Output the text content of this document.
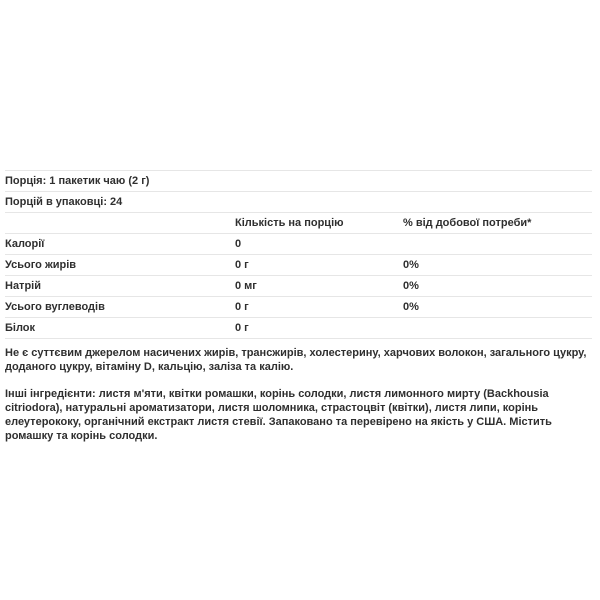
Порція: 1 пакетик чаю (2 г)		
Порцій в упаковці: 24		
	Кількість на порцію	% від добової потреби*
Калорії	0	
Усього жирів	0 г	0%
Натрій	0 мг	0%
Усього вуглеводів	0 г	0%
Білок	0 г	

Не є суттєвим джерелом насичених жирів, трансжирів, холестерину, харчових волокон, загального цукру, доданого цукру, вітаміну D, кальцію, заліза та калію.

Інші інгредієнти: листя м'яти, квітки ромашки, корінь солодки, листя лимонного мирту (Backhousia citriodora), натуральні ароматизатори, листя шоломника, страстоцвіт (квітки), листя липи, корінь елеутерококу, органічний екстракт листя стевії. Запаковано та перевірено на якість у США. Містить ромашку та корінь солодки.
